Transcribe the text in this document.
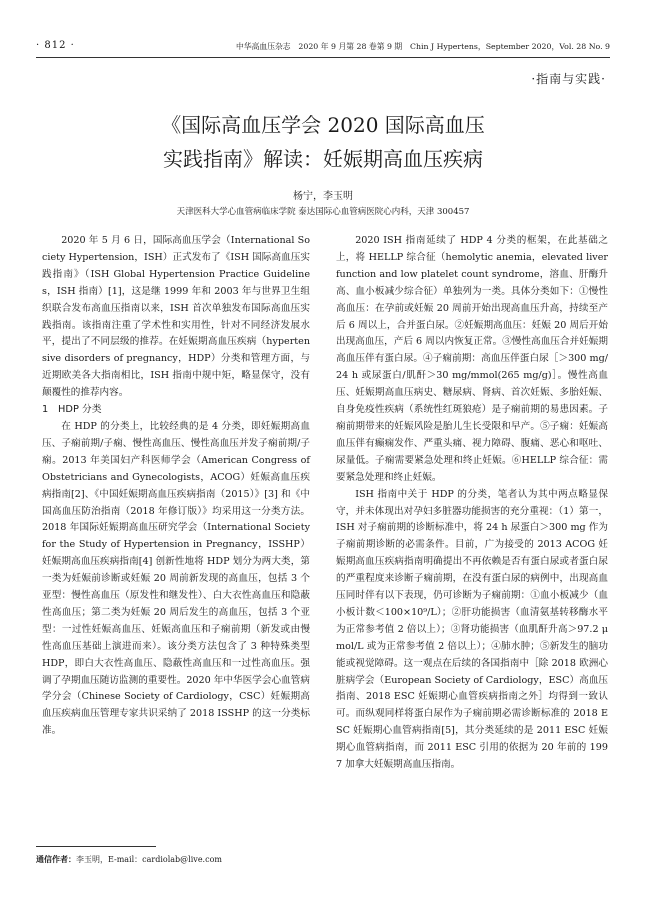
· 812 ·	中华高血压杂志　2020 年 9 月第 28 卷第 9 期　Chin J Hypertens，September 2020，Vol. 28 No. 9
·指南与实践·
《国际高血压学会 2020 国际高血压
实践指南》解读：妊娠期高血压疾病
杨宁，李玉明
天津医科大学心血管病临床学院 泰达国际心血管病医院心内科，天津 300457

2020 年 5 月 6 日，国际高血压学会（International Society Hypertension，ISH）正式发布了《ISH 国际高血压实践指南》（ISH Global Hypertension Practice Guidelines，ISH 指南）[1]，这是继 1999 年和 2003 年与世界卫生组织联合发布高血压指南以来，ISH 首次单独发布国际高血压实践指南。该指南注重了学术性和实用性，针对不同经济发展水平，提出了不同层级的推荐。在妊娠期高血压疾病（hypertensive disorders of pregnancy，HDP）分类和管理方面，与近期欧美各大指南相比，ISH 指南中规中矩，略显保守，没有颠覆性的推荐内容。

1　HDP 分类

在 HDP 的分类上，比较经典的是 4 分类，即妊娠期高血压、子痫前期/子痫、慢性高血压、慢性高血压并发子痫前期/子痫。2013 年美国妇产科医师学会（American Congress of Obstetricians and Gynecologists，ACOG）妊娠高血压疾病指南[2]、《中国妊娠期高血压疾病指南（2015）》[3] 和《中国高血压防治指南（2018 年修订版）》均采用这一分类方法。2018 年国际妊娠期高血压研究学会（International Society for the Study of Hypertension in Pregnancy，ISSHP）妊娠期高血压疾病指南[4] 创新性地将 HDP 划分为两大类，第一类为妊娠前诊断或妊娠 20 周前新发现的高血压，包括 3 个亚型：慢性高血压（原发性和继发性）、白大衣性高血压和隐蔽性高血压；第二类为妊娠 20 周后发生的高血压，包括 3 个亚型：一过性妊娠高血压、妊娠高血压和子痫前期（新发或由慢性高血压基础上演进而来）。该分类方法包含了 3 种特殊类型 HDP，即白大衣性高血压、隐蔽性高血压和一过性高血压。强调了孕期血压随访监测的重要性。2020 年中华医学会心血管病学分会（Chinese Society of Cardiology，CSC）妊娠期高血压疾病血压管理专家共识采纳了 2018 ISSHP 的这一分类标准。

2020 ISH 指南延续了 HDP 4 分类的框架，在此基础之上，将 HELLP 综合征（hemolytic anemia，elevated liver function and low platelet count syndrome，溶血、肝酶升高、血小板减少综合征）单独列为一类。具体分类如下：①慢性高血压：在孕前或妊娠 20 周前开始出现高血压升高，持续至产后 6 周以上，合并蛋白尿。②妊娠期高血压：妊娠 20 周后开始出现高血压，产后 6 周以内恢复正常。③慢性高血压合并妊娠期高血压伴有蛋白尿。④子痫前期：高血压伴蛋白尿［＞300 mg/24 h 或尿蛋白/肌酐＞30 mg/mmol(265 mg/g)］。慢性高血压、妊娠期高血压病史、糖尿病、肾病、首次妊娠、多胎妊娠、自身免疫性疾病（系统性红斑狼疮）是子痫前期的易患因素。子痫前期带来的妊娠风险是胎儿生长受限和早产。⑤子痫：妊娠高血压伴有癫痫发作、严重头痛、视力障碍、腹痛、恶心和呕吐、尿量低。子痫需要紧急处理和终止妊娠。⑥HELLP 综合征：需要紧急处理和终止妊娠。

ISH 指南中关于 HDP 的分类，笔者认为其中两点略显保守，并未体现出对孕妇多脏器功能损害的充分重视：（1）第一，ISH 对子痫前期的诊断标准中，将 24 h 尿蛋白＞300 mg 作为子痫前期诊断的必需条件。目前，广为接受的 2013 ACOG 妊娠期高血压疾病指南明确提出不再依赖是否有蛋白尿或者蛋白尿的严重程度来诊断子痫前期，在没有蛋白尿的病例中，出现高血压同时伴有以下表现，仍可诊断为子痫前期：①血小板减少（血小板计数＜100×10⁹/L）；②肝功能损害（血清氨基转移酶水平为正常参考值 2 倍以上）；③肾功能损害（血肌酐升高＞97.2 μmol/L 或为正常参考值 2 倍以上）；④肺水肿；⑤新发生的脑功能或视觉障碍。这一观点在后续的各国指南中［除 2018 欧洲心脏病学会（European Society of Cardiology，ESC）高血压指南、2018 ESC 妊娠期心血管疾病指南之外］均得到一致认可。而纵观同样将蛋白尿作为子痫前期必需诊断标准的 2018 ESC 妊娠期心血管病指南[5]，其分类延续的是 2011 ESC 妊娠期心血管病指南，而 2011 ESC 引用的依据为 20 年前的 1997 加拿大妊娠期高血压指南。

通信作者：李玉明，E-mail：cardiolab@live.com
